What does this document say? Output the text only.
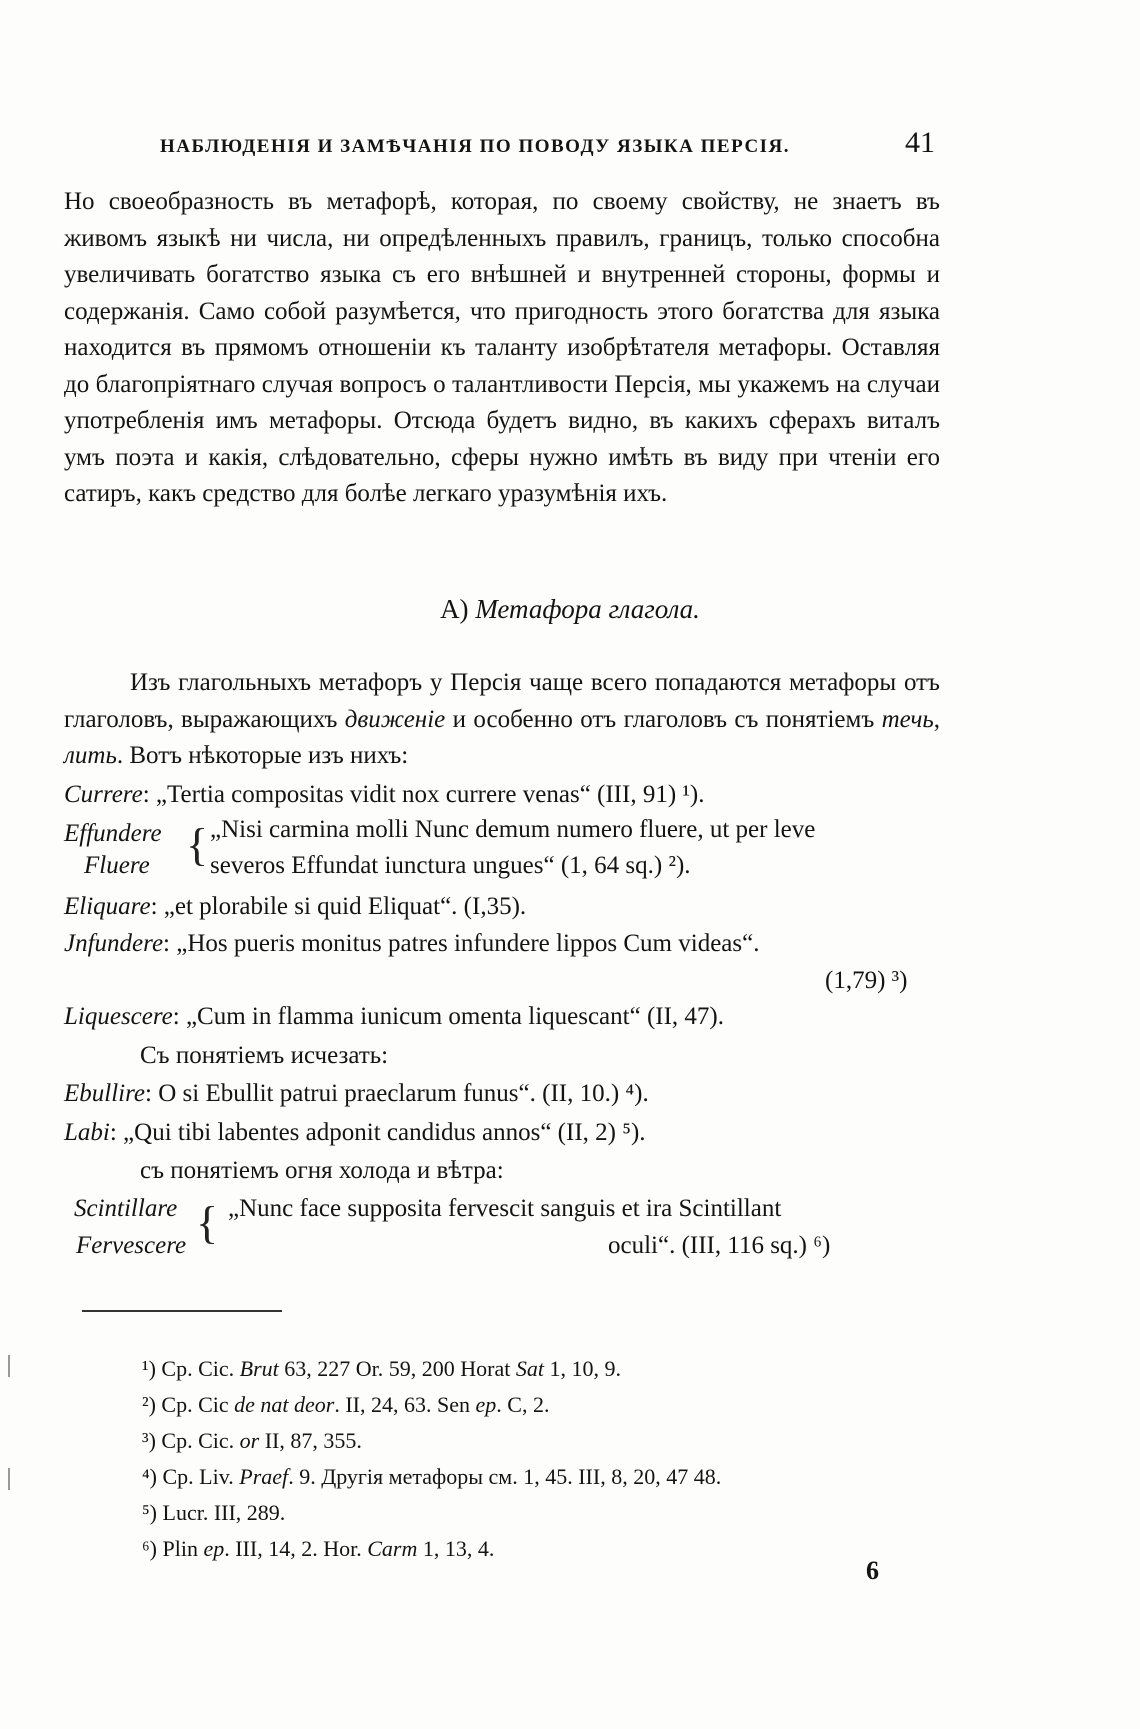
НАБЛЮДЕНІЯ И ЗАМѢЧАНІЯ ПО ПОВОДУ ЯЗЫКА ПЕРСІЯ.	41

Но своеобразность въ метафорѣ, которая, по своему свойству, не знаетъ въ живомъ языкѣ ни числа, ни опредѣленныхъ правилъ, границъ, только способна увеличивать богатство языка съ его внѣшней и внутренней стороны, формы и содержанія. Само собой разумѣется, что пригодность этого богатства для языка находится въ прямомъ отношеніи къ таланту изобрѣтателя метафоры. Оставляя до благопріятнаго случая вопросъ о талантливости Персія, мы укажемъ на случаи употребленія имъ метафоры. Отсюда будетъ видно, въ какихъ сферахъ виталъ умъ поэта и какія, слѣдовательно, сферы нужно имѣть въ виду при чтеніи его сатиръ, какъ средство для болѣе легкаго уразумѣнія ихъ.

A) Метафора глагола.

Изъ глагольныхъ метафоръ у Персія чаще всего попадаются метафоры отъ глаголовъ, выражающихъ движеніе и особенно отъ глаголовъ съ понятіемъ течь, лить. Вотъ нѣкоторые изъ нихъ:

Currere: „Tertia compositas vidit nox currere venas“ (III, 91) ¹).
Effundere
Fluere { „Nisi carmina molli Nunc demum numero fluere, ut per leve
severos Effundat iunctura ungues“ (1, 64 sq.) ²).
Eliquare: „et plorabile si quid Eliquat“. (I,35).
Jnfundere: „Hos pueris monitus patres infundere lippos Cum videas“.
(1,79) ³)
Liquescere: „Cum in flamma iunicum omenta liquescant“ (II, 47).
Съ понятіемъ исчезать:
Ebullire: O si Ebullit patrui praeclarum funus“. (II, 10.) ⁴).
Labi: „Qui tibi labentes adponit candidus annos“ (II, 2) ⁵).
съ понятіемъ огня холода и вѣтра:
Scintillare
Fervescere { „Nunc face supposita fervescit sanguis et ira Scintillant
oculi“. (III, 116 sq.) ⁶)
¹) Cp. Cic. Brut 63, 227 Or. 59, 200 Horat Sat 1, 10, 9.
²) Cp. Cic de nat deor. II, 24, 63. Sen ep. C, 2.
³) Cp. Cic. or II, 87, 355.
⁴) Cp. Liv. Praef. 9. Другія метафоры см. 1, 45. III, 8, 20, 47 48.
⁵) Lucr. III, 289.
⁶) Plin ep. III, 14, 2. Hor. Carm 1, 13, 4.
6
